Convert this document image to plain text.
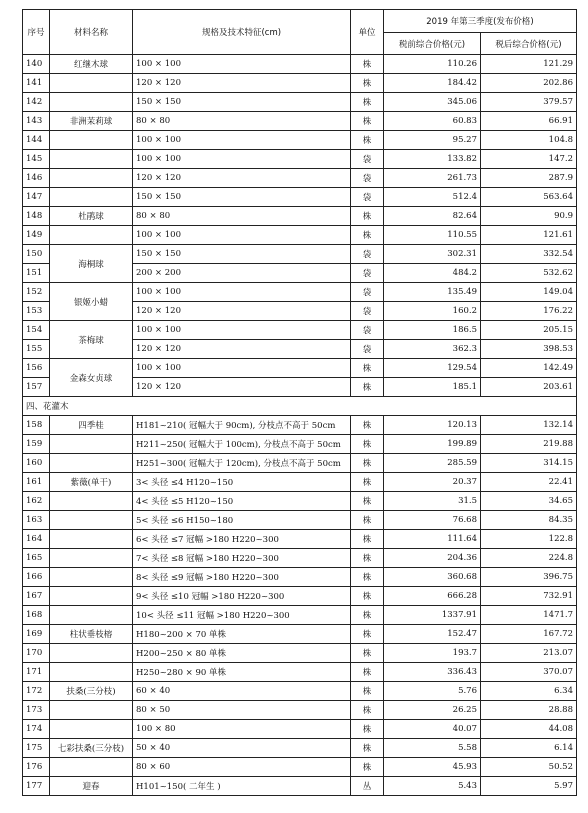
序号	材料名称	规格及技术特征(cm)	单位	2019 年第三季度(发布价格)	
				税前综合价格(元)	税后综合价格(元)
140	红继木球	100 × 100	株	110.26	121.29
141		120 × 120	株	184.42	202.86
142		150 × 150	株	345.06	379.57
143	非洲茉莉球	80 × 80	株	60.83	66.91
144		100 × 100	株	95.27	104.8
145		100 × 100	袋	133.82	147.2
146		120 × 120	袋	261.73	287.9
147		150 × 150	袋	512.4	563.64
148	杜鹃球	80 × 80	株	82.64	90.9
149		100 × 100	株	110.55	121.61
150	海桐球	150 × 150	袋	302.31	332.54
151		200 × 200	袋	484.2	532.62
152	银姬小蜡	100 × 100	袋	135.49	149.04
153		120 × 120	袋	160.2	176.22
154	茶梅球	100 × 100	袋	186.5	205.15
155		120 × 120	袋	362.3	398.53
156	金森女贞球	100 × 100	株	129.54	142.49
157		120 × 120	株	185.1	203.61
四、花灌木					
158	四季桂	H181~210( 冠幅大于 90cm), 分枝点不高于 50cm	株	120.13	132.14
159		H211~250( 冠幅大于 100cm), 分枝点不高于 50cm	株	199.89	219.88
160		H251~300( 冠幅大于 120cm), 分枝点不高于 50cm	株	285.59	314.15
161	紫薇(单干)	3< 头径 ≤4 H120~150	株	20.37	22.41
162		4< 头径 ≤5 H120~150	株	31.5	34.65
163		5< 头径 ≤6 H150~180	株	76.68	84.35
164		6< 头径 ≤7 冠幅 >180 H220~300	株	111.64	122.8
165		7< 头径 ≤8 冠幅 >180 H220~300	株	204.36	224.8
166		8< 头径 ≤9 冠幅 >180 H220~300	株	360.68	396.75
167		9< 头径 ≤10 冠幅 >180 H220~300	株	666.28	732.91
168		10< 头径 ≤11 冠幅 >180 H220~300	株	1337.91	1471.7
169	柱状垂枝榕	H180~200 × 70 单株	株	152.47	167.72
170		H200~250 × 80 单株	株	193.7	213.07
171		H250~280 × 90 单株	株	336.43	370.07
172	扶桑(三分枝)	60 × 40	株	5.76	6.34
173		80 × 50	株	26.25	28.88
174		100 × 80	株	40.07	44.08
175	七彩扶桑(三分枝)	50 × 40	株	5.58	6.14
176		80 × 60	株	45.93	50.52
177	迎春	H101~150( 二年生 )	丛	5.43	5.97
